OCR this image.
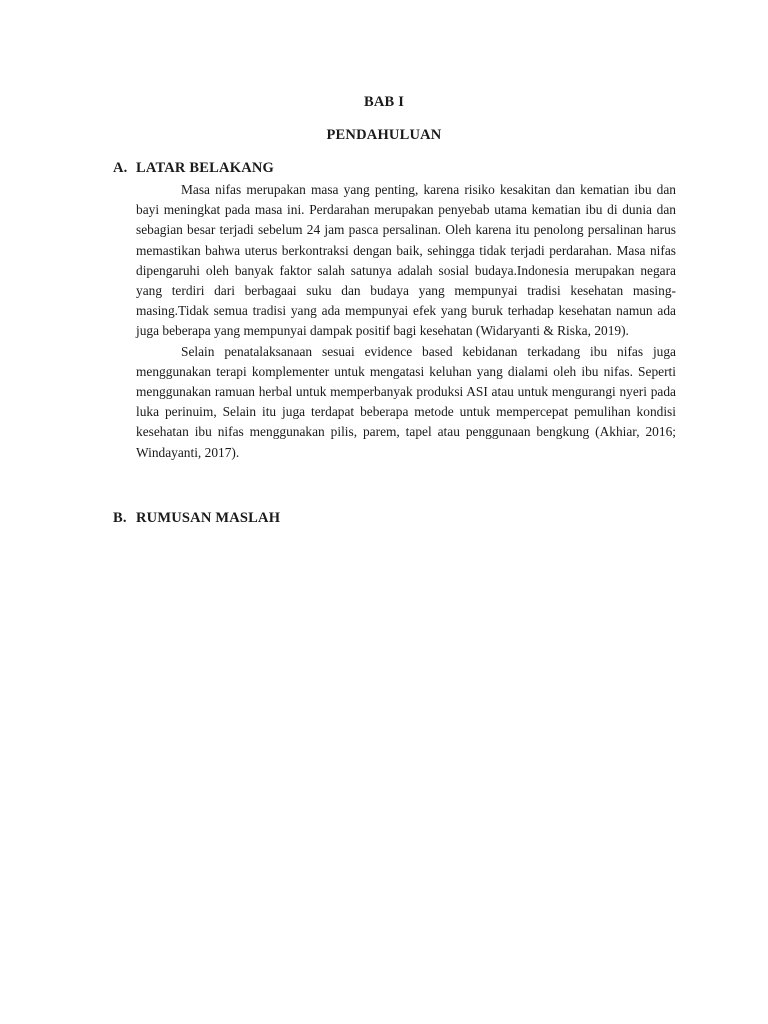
BAB I
PENDAHULUAN
A. LATAR BELAKANG

Masa nifas merupakan masa yang penting, karena risiko kesakitan dan kematian ibu dan bayi meningkat pada masa ini. Perdarahan merupakan penyebab utama kematian ibu di dunia dan sebagian besar terjadi sebelum 24 jam pasca persalinan. Oleh karena itu penolong persalinan harus memastikan bahwa uterus berkontraksi dengan baik, sehingga tidak terjadi perdarahan. Masa nifas dipengaruhi oleh banyak faktor salah satunya adalah sosial budaya.Indonesia merupakan negara yang terdiri dari berbagaai suku dan budaya yang mempunyai tradisi kesehatan masing-masing.Tidak semua tradisi yang ada mempunyai efek yang buruk terhadap kesehatan namun ada juga beberapa yang mempunyai dampak positif bagi kesehatan (Widaryanti & Riska, 2019).

Selain penatalaksanaan sesuai evidence based kebidanan terkadang ibu nifas juga menggunakan terapi komplementer untuk mengatasi keluhan yang dialami oleh ibu nifas. Seperti menggunakan ramuan herbal untuk memperbanyak produksi ASI atau untuk mengurangi nyeri pada luka perinuim, Selain itu juga terdapat beberapa metode untuk mempercepat pemulihan kondisi kesehatan ibu nifas menggunakan pilis, parem, tapel atau penggunaan bengkung (Akhiar, 2016; Windayanti, 2017).

B. RUMUSAN MASLAH
